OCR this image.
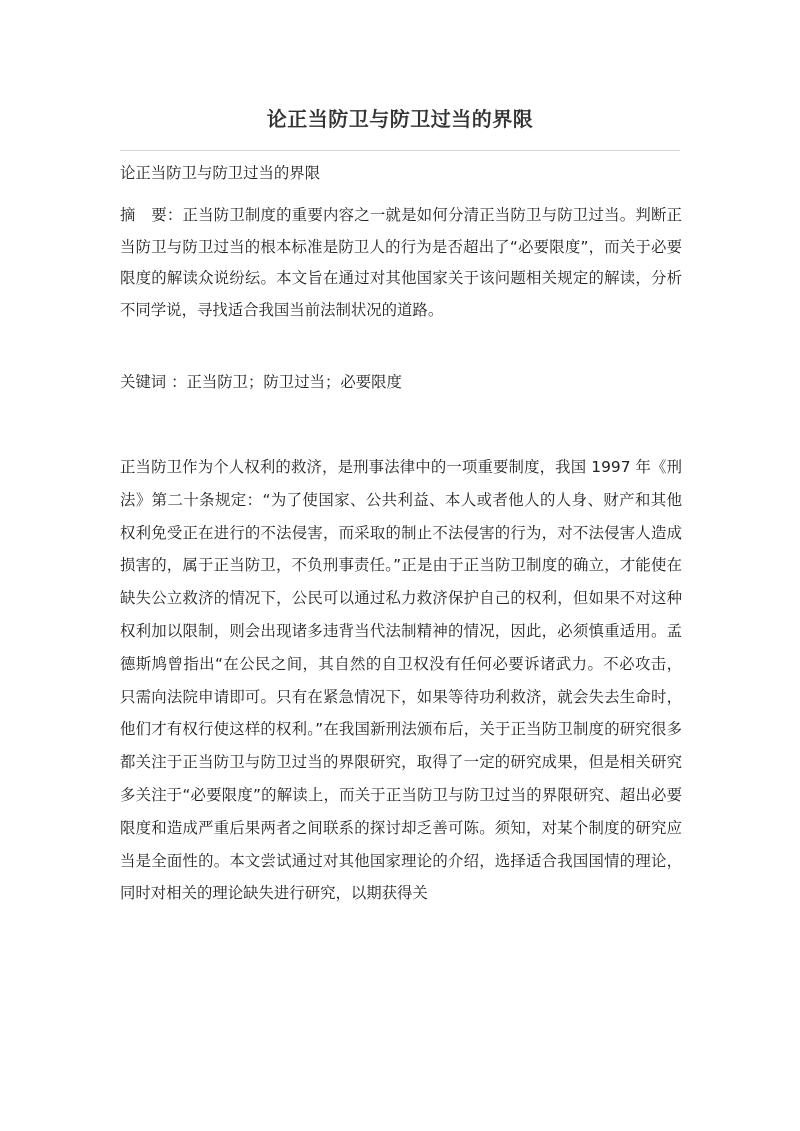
论正当防卫与防卫过当的界限
论正当防卫与防卫过当的界限
摘　要：正当防卫制度的重要内容之一就是如何分清正当防卫与防卫过当。判断正当防卫与防卫过当的根本标准是防卫人的行为是否超出了“必要限度”，而关于必要限度的解读众说纷纭。本文旨在通过对其他国家关于该问题相关规定的解读，分析不同学说，寻找适合我国当前法制状况的道路。
关键词 ：正当防卫；防卫过当；必要限度
正当防卫作为个人权利的救济，是刑事法律中的一项重要制度，我国 1997 年《刑法》第二十条规定：“为了使国家、公共利益、本人或者他人的人身、财产和其他权利免受正在进行的不法侵害，而采取的制止不法侵害的行为，对不法侵害人造成损害的，属于正当防卫，不负刑事责任。”正是由于正当防卫制度的确立，才能使在缺失公立救济的情况下，公民可以通过私力救济保护自己的权利，但如果不对这种权利加以限制，则会出现诸多违背当代法制精神的情况，因此，必须慎重适用。孟德斯鸠曾指出“在公民之间，其自然的自卫权没有任何必要诉诸武力。不必攻击，只需向法院申请即可。只有在紧急情况下，如果等待功利救济，就会失去生命时，他们才有权行使这样的权利。”在我国新刑法颁布后，关于正当防卫制度的研究很多都关注于正当防卫与防卫过当的界限研究，取得了一定的研究成果，但是相关研究多关注于“必要限度”的解读上，而关于正当防卫与防卫过当的界限研究、超出必要限度和造成严重后果两者之间联系的探讨却乏善可陈。须知，对某个制度的研究应当是全面性的。本文尝试通过对其他国家理论的介绍，选择适合我国国情的理论，同时对相关的理论缺失进行研究，以期获得关
